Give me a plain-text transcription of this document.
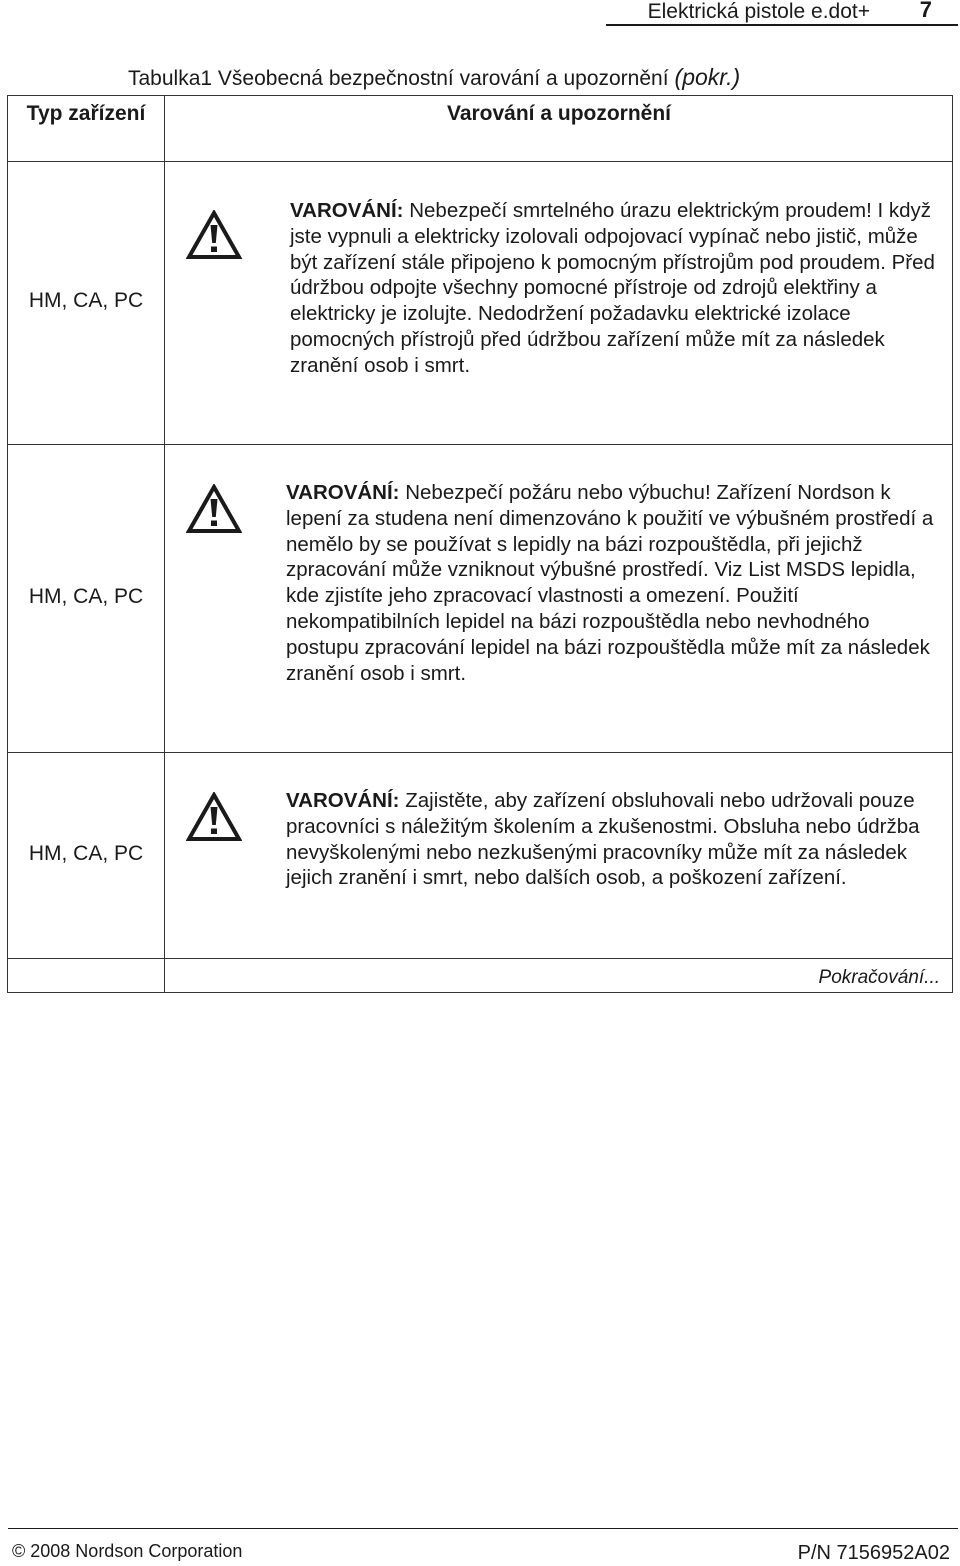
Elektrická pistole e.dot+ 7
Tabulka1 Všeobecná bezpečnostní varování a upozornění (pokr.)
Typ zařízení	Varování a upozornění
HM, CA, PC
VAROVÁNÍ: Nebezpečí smrtelného úrazu elektrickým proudem! I když jste vypnuli a elektricky izolovali odpojovací vypínač nebo jistič, může být zařízení stále připojeno k pomocným přístrojům pod proudem. Před údržbou odpojte všechny pomocné přístroje od zdrojů elektřiny a elektricky je izolujte. Nedodržení požadavku elektrické izolace pomocných přístrojů před údržbou zařízení může mít za následek zranění osob i smrt.
HM, CA, PC
VAROVÁNÍ: Nebezpečí požáru nebo výbuchu! Zařízení Nordson k lepení za studena není dimenzováno k použití ve výbušném prostředí a nemělo by se používat s lepidly na bázi rozpouštědla, při jejichž zpracování může vzniknout výbušné prostředí. Viz List MSDS lepidla, kde zjistíte jeho zpracovací vlastnosti a omezení. Použití nekompatibilních lepidel na bázi rozpouštědla nebo nevhodného postupu zpracování lepidel na bázi rozpouštědla může mít za následek zranění osob i smrt.
HM, CA, PC
VAROVÁNÍ: Zajistěte, aby zařízení obsluhovali nebo udržovali pouze pracovníci s náležitým školením a zkušenostmi. Obsluha nebo údržba nevyškolenými nebo nezkušenými pracovníky může mít za následek jejich zranění i smrt, nebo dalších osob, a poškození zařízení.
Pokračování...
© 2008 Nordson Corporation	P/N 7156952A02
